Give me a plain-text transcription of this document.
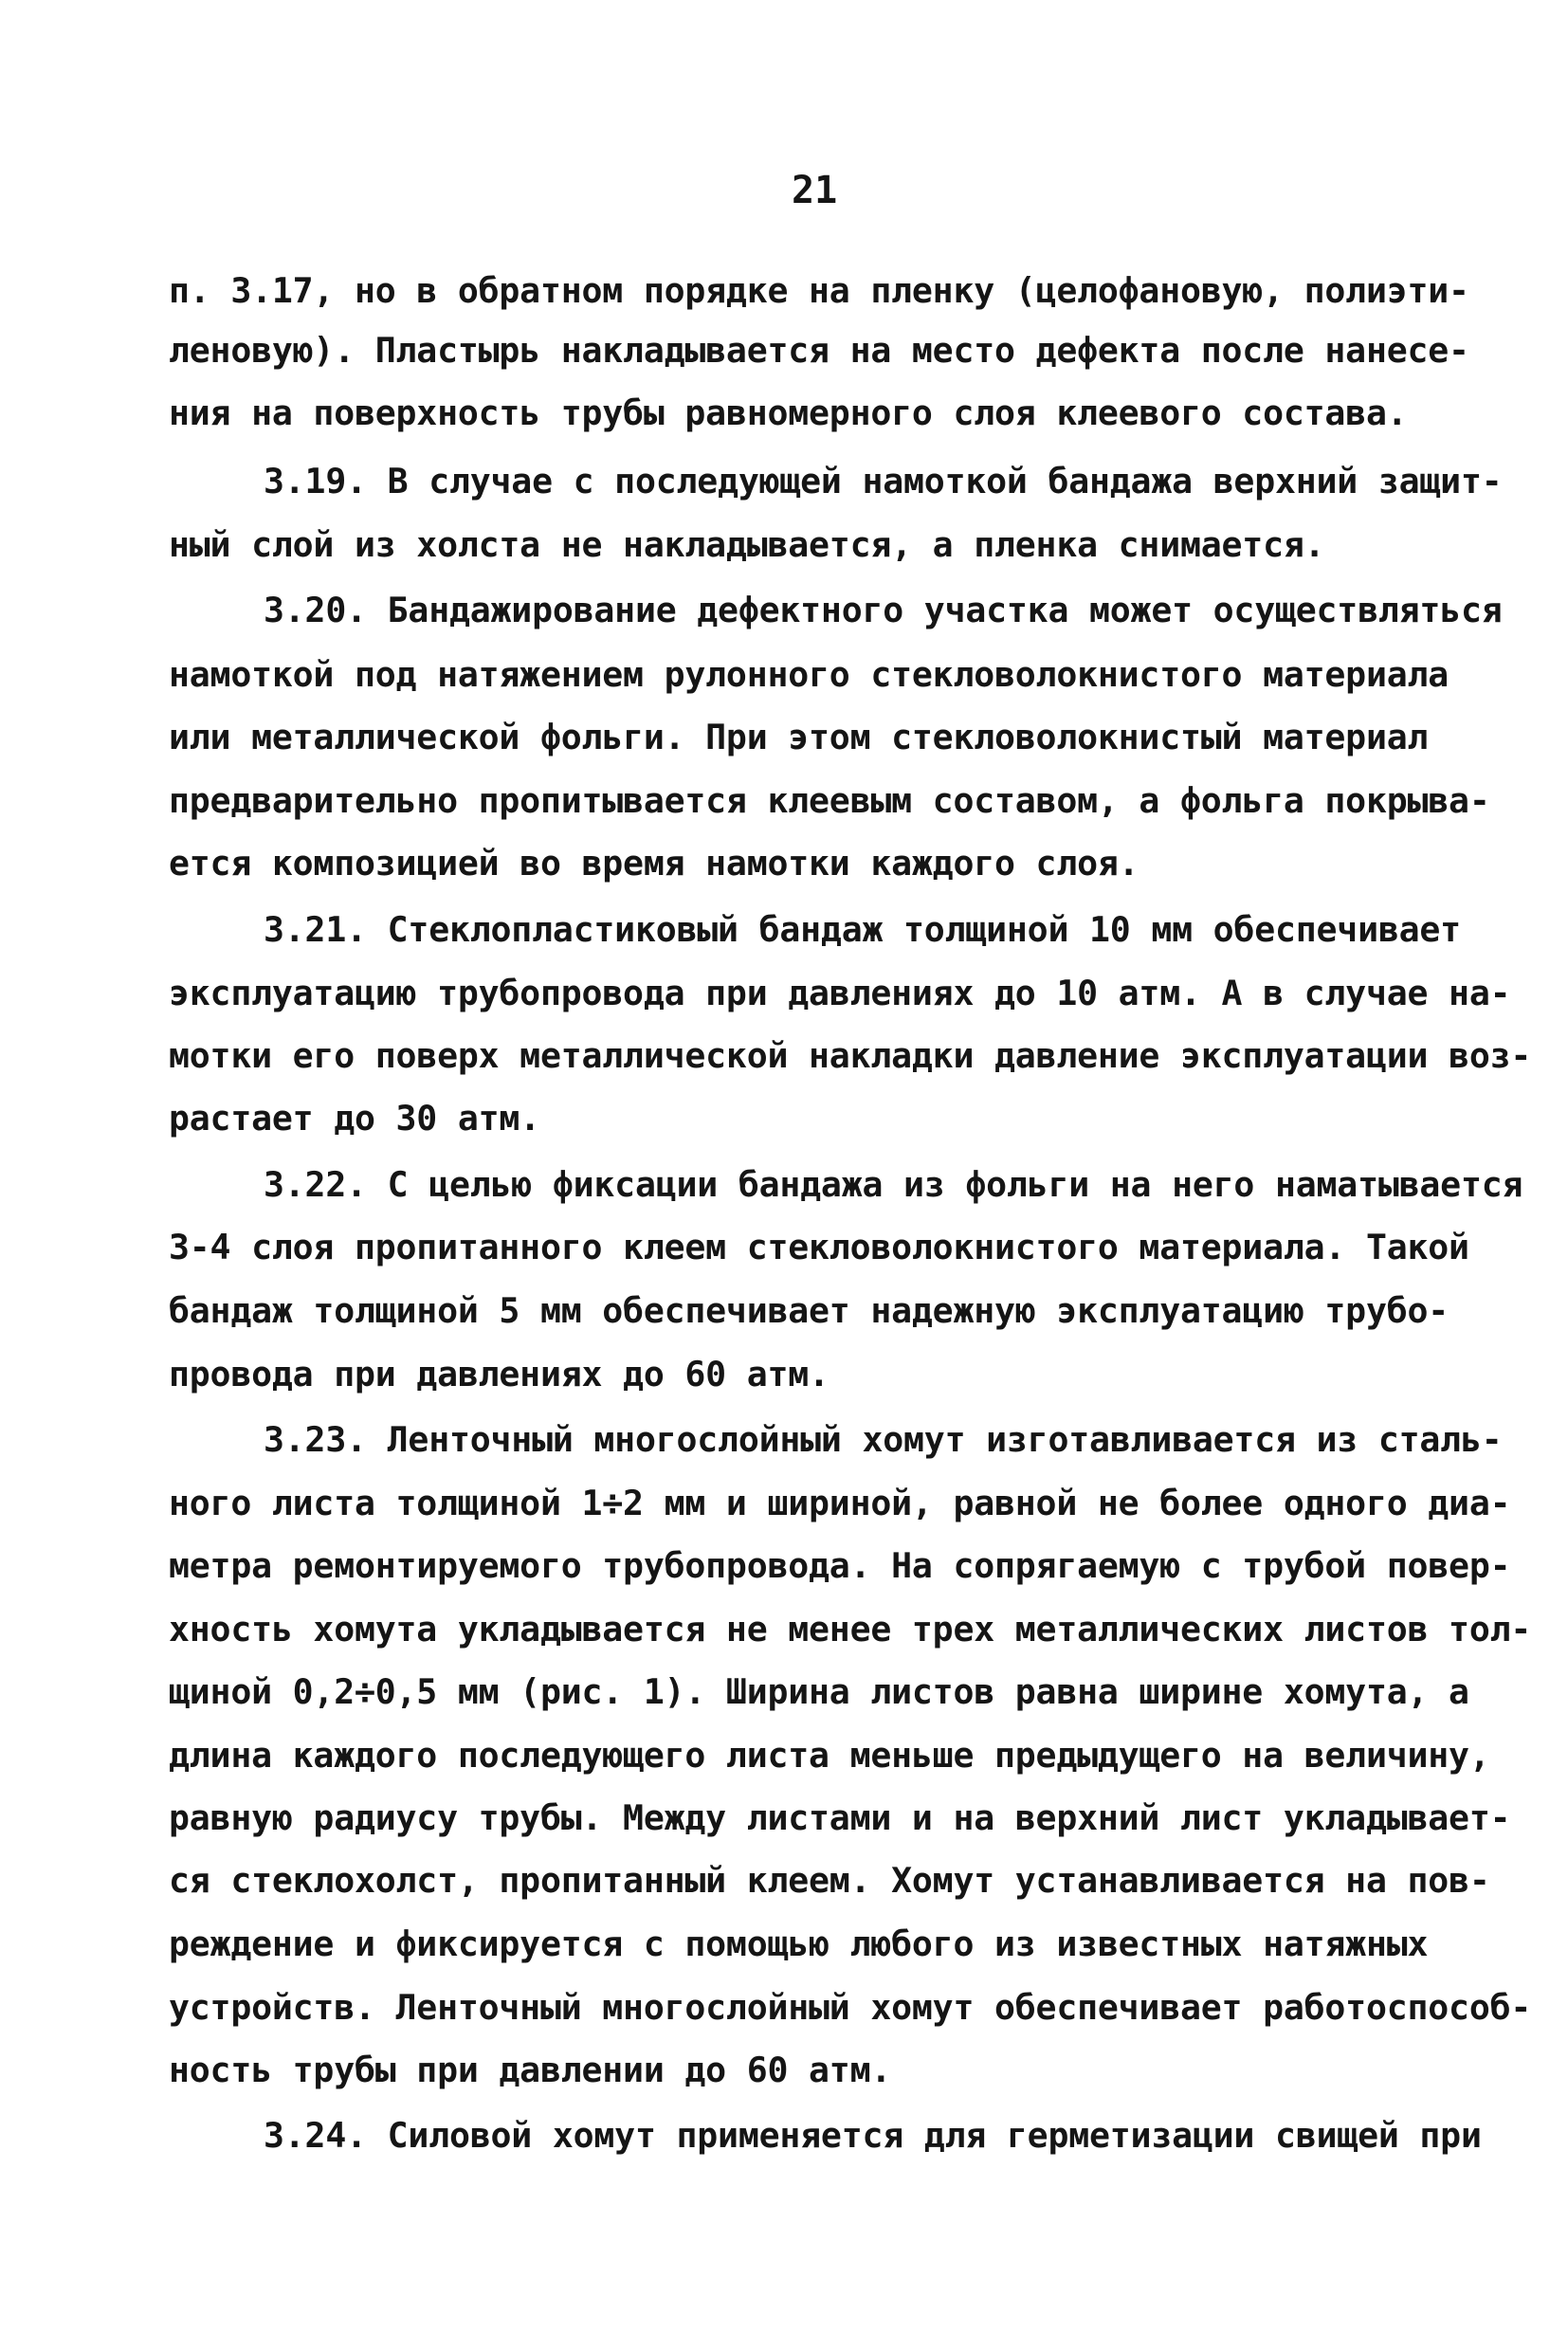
21
п. 3.17, но в обратном порядке на пленку (целофановую, полиэти-
леновую). Пластырь накладывается на место дефекта после нанесе-
ния на поверхность трубы равномерного слоя клеевого состава.
3.19. В случае с последующей намоткой бандажа верхний защит-
ный слой из холста не накладывается, а пленка снимается.
3.20. Бандажирование дефектного участка может осуществляться
намоткой под натяжением рулонного стекловолокнистого материала
или металлической фольги. При этом стекловолокнистый материал
предварительно пропитывается клеевым составом, а фольга покрыва-
ется композицией во время намотки каждого слоя.
3.21. Стеклопластиковый бандаж толщиной 10 мм обеспечивает
эксплуатацию трубопровода при давлениях до 10 атм. А в случае на-
мотки его поверх металлической накладки давление эксплуатации воз-
растает до 30 атм.
3.22. С целью фиксации бандажа из фольги на него наматывается
3-4 слоя пропитанного клеем стекловолокнистого материала. Такой
бандаж толщиной 5 мм обеспечивает надежную эксплуатацию трубо-
провода при давлениях до 60 атм.
3.23. Ленточный многослойный хомут изготавливается из сталь-
ного листа толщиной 1÷2 мм и шириной, равной не более одного диа-
метра ремонтируемого трубопровода. На сопрягаемую с трубой повер-
хность хомута укладывается не менее трех металлических листов тол-
щиной 0,2÷0,5 мм (рис. 1). Ширина листов равна ширине хомута, а
длина каждого последующего листа меньше предыдущего на величину,
равную радиусу трубы. Между листами и на верхний лист укладывает-
ся стеклохолст, пропитанный клеем. Хомут устанавливается на пов-
реждение и фиксируется с помощью любого из известных натяжных
устройств. Ленточный многослойный хомут обеспечивает работоспособ-
ность трубы при давлении до 60 атм.
3.24. Силовой хомут применяется для герметизации свищей при
